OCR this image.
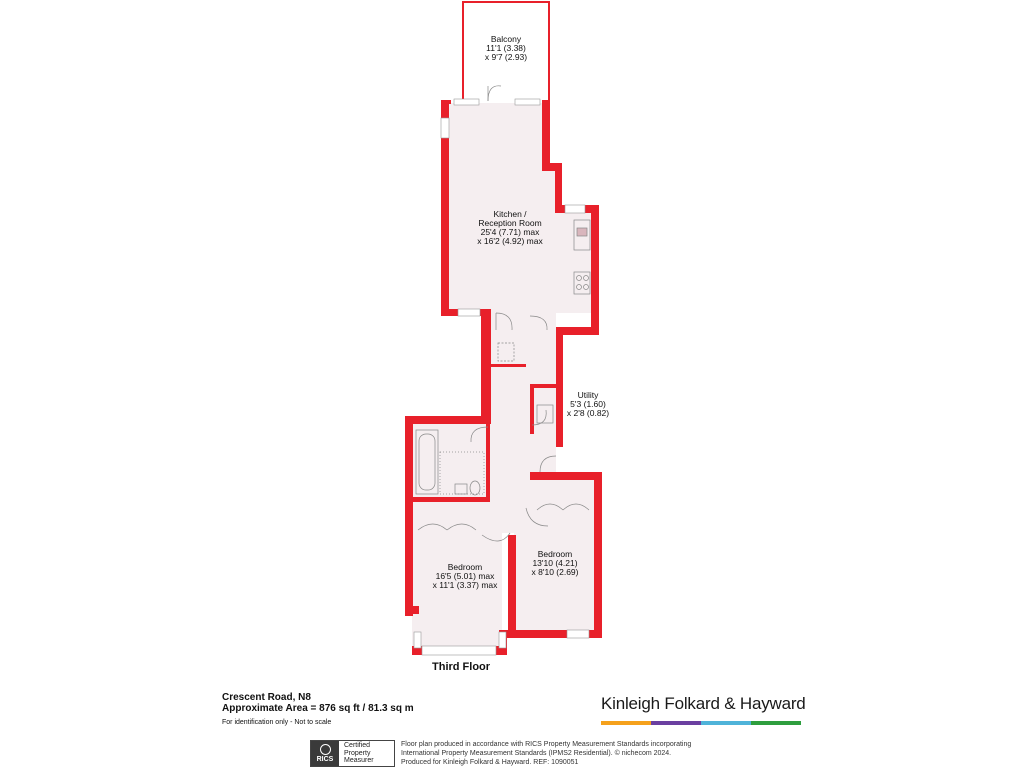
Balcony
11'1 (3.38)
x 9'7 (2.93)
Kitchen /
Reception Room
25'4 (7.71) max
x 16'2 (4.92) max
Utility
5'3 (1.60)
x 2'8 (0.82)
Bedroom
16'5 (5.01) max
x 11'1 (3.37) max
Bedroom
13'10 (4.21)
x 8'10 (2.69)
Third Floor
Crescent Road, N8
Approximate Area = 876 sq ft / 81.3 sq m
For identification only - Not to scale
Kinleigh Folkard & Hayward
RICS
Certified
Property
Measurer
Floor plan produced in accordance with RICS Property Measurement Standards incorporating
International Property Measurement Standards (IPMS2 Residential). © nichecom 2024.
Produced for Kinleigh Folkard & Hayward. REF: 1090051
